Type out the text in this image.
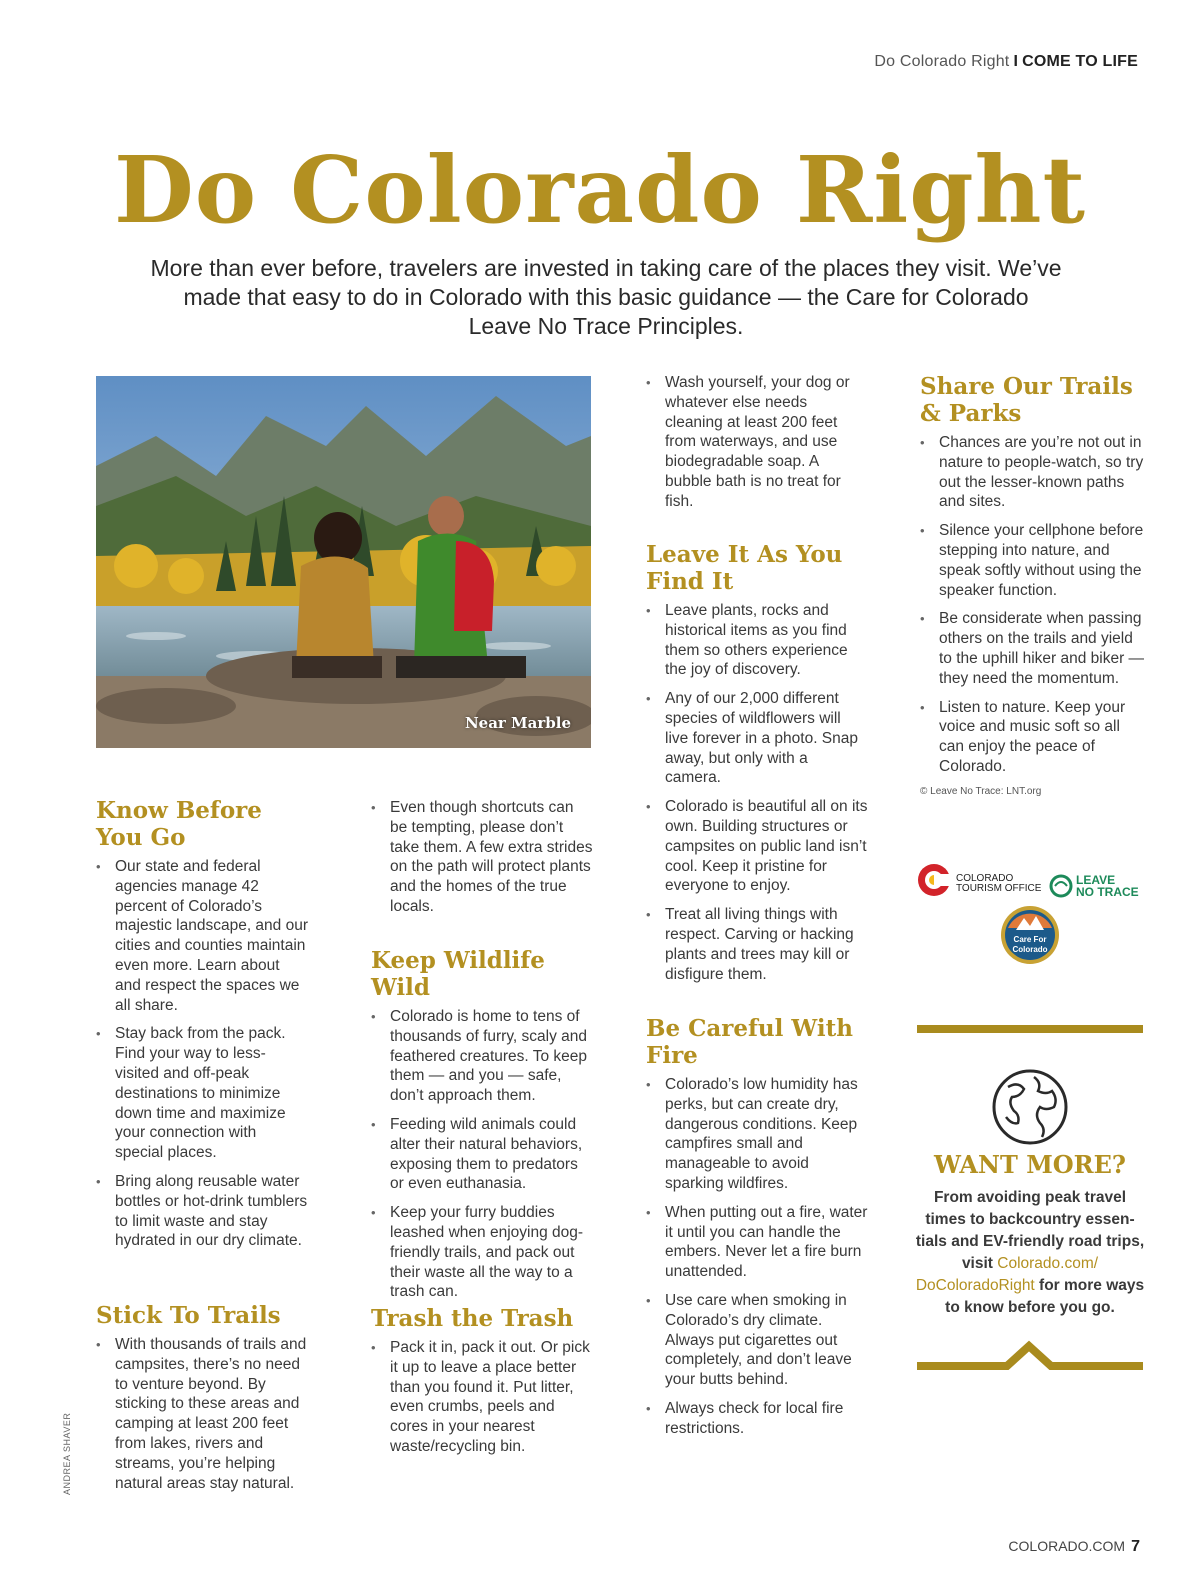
Do Colorado Right I COME TO LIFE
Do Colorado Right

More than ever before, travelers are invested in taking care of the places they visit. We’ve made that easy to do in Colorado with this basic guidance — the Care for Colorado Leave No Trace Principles.

Near Marble
Know Before You Go
• Our state and federal agencies manage 42 percent of Colorado’s majestic landscape, and our cities and counties maintain even more. Learn about and respect the spaces we all share.
• Stay back from the pack. Find your way to less-visited and off-peak destinations to minimize down time and maximize your connection with special places.
• Bring along reusable water bottles or hot-drink tumblers to limit waste and stay hydrated in our dry climate.
Stick To Trails
• With thousands of trails and campsites, there’s no need to venture beyond. By sticking to these areas and camping at least 200 feet from lakes, rivers and streams, you’re helping natural areas stay natural.
• Even though shortcuts can be tempting, please don’t take them. A few extra strides on the path will protect plants and the homes of the true locals.
Keep Wildlife Wild
• Colorado is home to tens of thousands of furry, scaly and feathered creatures. To keep them — and you — safe, don’t approach them.
• Feeding wild animals could alter their natural behaviors, exposing them to predators or even euthanasia.
• Keep your furry buddies leashed when enjoying dog-friendly trails, and pack out their waste all the way to a trash can.
Trash the Trash
• Pack it in, pack it out. Or pick it up to leave a place better than you found it. Put litter, even crumbs, peels and cores in your nearest waste/recycling bin.
• Wash yourself, your dog or whatever else needs cleaning at least 200 feet from waterways, and use biodegradable soap. A bubble bath is no treat for fish.
Leave It As You Find It
• Leave plants, rocks and historical items as you find them so others experience the joy of discovery.
• Any of our 2,000 different species of wildflowers will live forever in a photo. Snap away, but only with a camera.
• Colorado is beautiful all on its own. Building structures or campsites on public land isn’t cool. Keep it pristine for everyone to enjoy.
• Treat all living things with respect. Carving or hacking plants and trees may kill or disfigure them.
Be Careful With Fire
• Colorado’s low humidity has perks, but can create dry, dangerous conditions. Keep campfires small and manageable to avoid sparking wildfires.
• When putting out a fire, water it until you can handle the embers. Never let a fire burn unattended.
• Use care when smoking in Colorado’s dry climate. Always put cigarettes out completely, and don’t leave your butts behind.
• Always check for local fire restrictions.
Share Our Trails & Parks
• Chances are you’re not out in nature to people-watch, so try out the lesser-known paths and sites.
• Silence your cellphone before stepping into nature, and speak softly without using the speaker function.
• Be considerate when passing others on the trails and yield to the uphill hiker and biker — they need the momentum.
• Listen to nature. Keep your voice and music soft so all can enjoy the peace of Colorado.
© Leave No Trace: LNT.org
COLORADO
TOURISM OFFICE
LEAVE
NO TRACE
Care For
Colorado
WANT MORE?

From avoiding peak travel times to backcountry essen-tials and EV-friendly road trips, visit Colorado.com/ DoColoradoRight for more ways to know before you go.

ANDREA SHAVER
COLORADO.COM 7
